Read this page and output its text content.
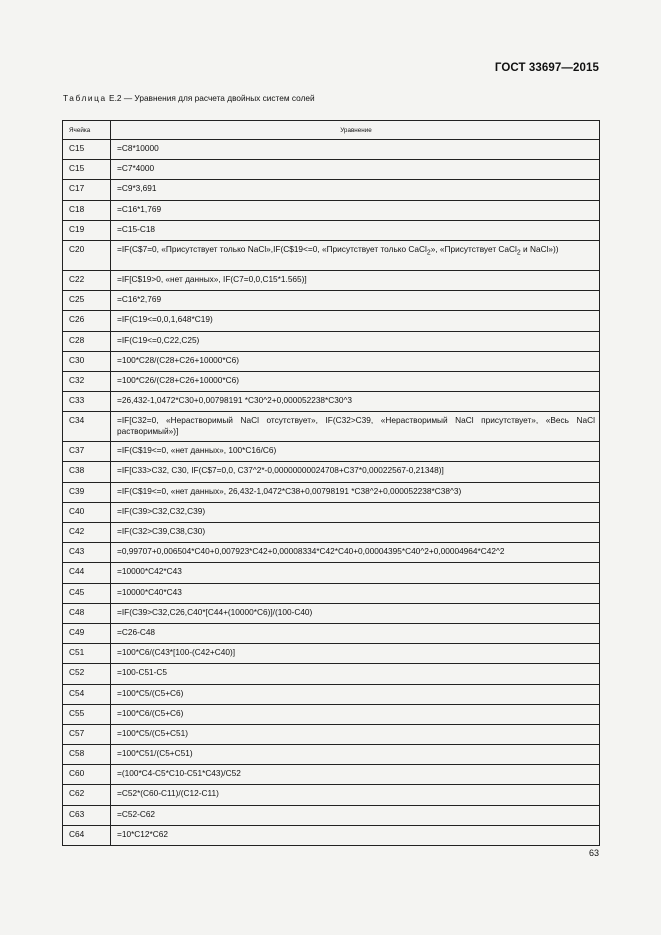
ГОСТ 33697—2015
Таблица Е.2 — Уравнения для расчета двойных систем солей
Ячейка	Уравнение
C15	=C8*10000
C15	=C7*4000
C17	=C9*3,691
C18	=C16*1,769
C19	=C15-C18
C20	=IF(C$7=0, «Присутствует только NaCl»,IF(C$19<=0, «Присутствует только CaCl$_2$», «Присутствует CaCl$_2$ и NaCl»))
C22	=IF[C$19>0, «нет данных», IF(C7=0,0,C15*1.565)]
C25	=C16*2,769
C26	=IF(C19<=0,0,1,648*C19)
C28	=IF(C19<=0,C22,C25)
C30	=100*C28/(C28+C26+10000*C6)
C32	=100*C26/(C28+C26+10000*C6)
C33	=26,432-1,0472*C30+0,00798191 *C30^2+0,000052238*C30^3
C34	=IF[C32=0, «Нерастворимый NaCl отсутствует», IF(C32>C39, «Нерастворимый NaCl присутствует», «Весь NaCl растворимый»)]
C37	=IF(C$19<=0, «нет данных», 100*C16/C6)
C38	=IF[C33>C32, C30, IF(C$7=0,0, C37^2*-0,00000000024708+C37*0,00022567-0,21348)]
C39	=IF(C$19<=0, «нет данных», 26,432-1,0472*C38+0,00798191 *C38^2+0,000052238*C38^3)
C40	=IF(C39>C32,C32,C39)
C42	=IF(C32>C39,C38,C30)
C43	=0,99707+0,006504*C40+0,007923*C42+0,00008334*C42*C40+0,00004395*C40^2+0,00004964*C42^2
C44	=10000*C42*C43
C45	=10000*C40*C43
C48	=IF(C39>C32,C26,C40*[C44+(10000*C6)]/(100-C40)
C49	=C26-C48
C51	=100*C6/(C43*[100-(C42+C40)]
C52	=100-C51-C5
C54	=100*C5/(C5+C6)
C55	=100*C6/(C5+C6)
C57	=100*C5/(C5+C51)
C58	=100*C51/(C5+C51)
C60	=(100*C4-C5*C10-C51*C43)/C52
C62	=C52*(C60-C11)/(C12-C11)
C63	=C52-C62
C64	=10*C12*C62
63
